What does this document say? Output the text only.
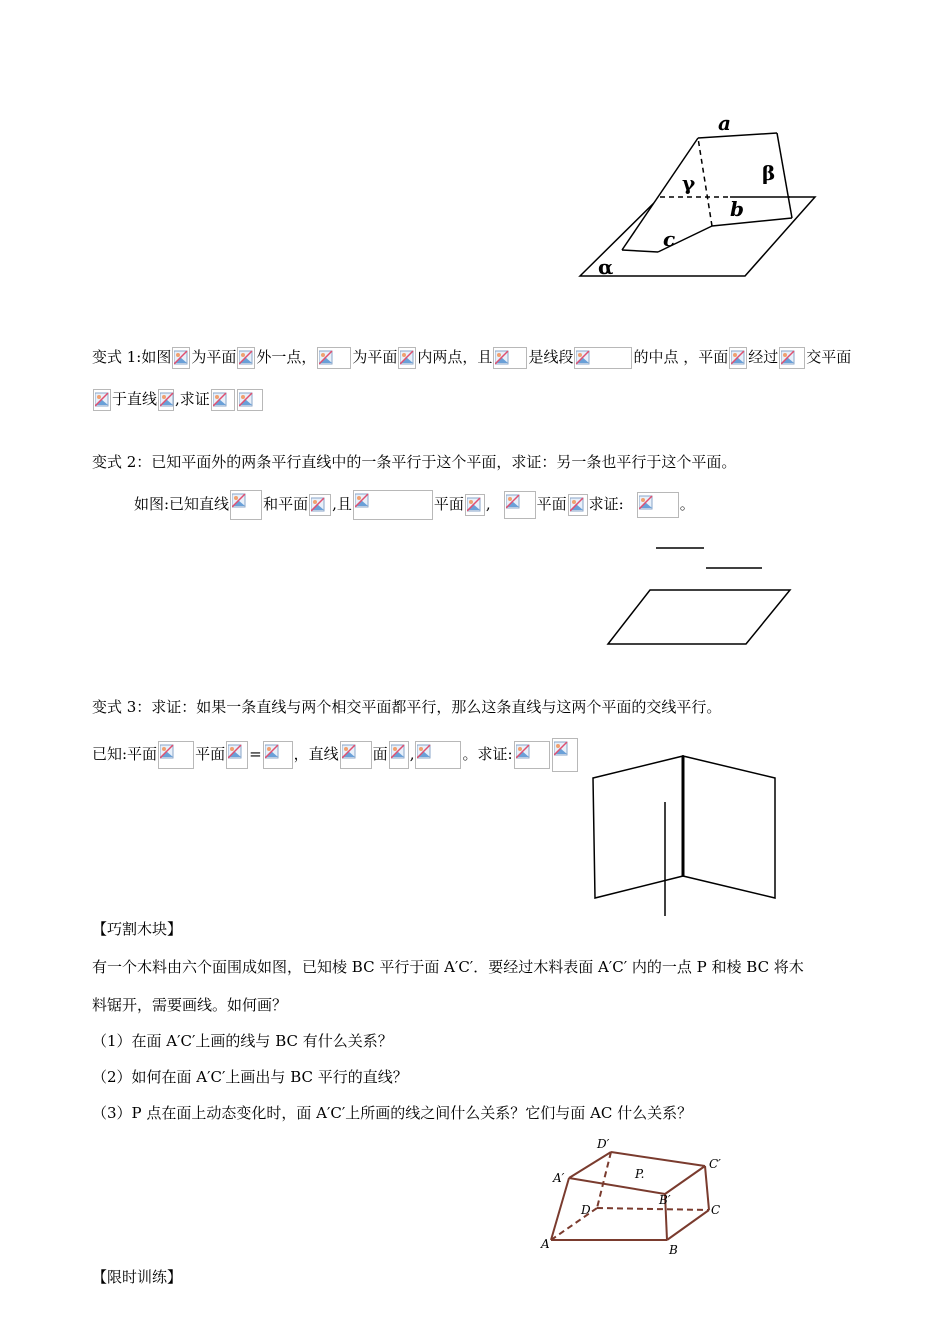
a
β
γ
b
c
α
变式 1:如图 为平面 外一点， 为平面 内两点，且 是线段	的中点 ，平面 经过 交平面
于直线 ,求证
变式 2：已知平面外的两条平行直线中的一条平行于这个平面，求证：另一条也平行于这个平面。
如图:已知直线 和平面 ,且	平面 ,	平面 求证:	。
变式 3：求证：如果一条直线与两个相交平面都平行，那么这条直线与这两个平面的交线平行。
已知:平面	平面 = ，直线 面 ,	。求证:
【巧割木块】
有一个木料由六个面围成如图，已知棱 BC 平行于面 A′C′．要经过木料表面 A′C′ 内的一点 P 和棱 BC 将木
料锯开，需要画线。如何画？
（1）在面 A′C′上画的线与 BC 有什么关系？
（2）如何在面 A′C′上画出与 BC 平行的直线？
（3）P 点在面上动态变化时，面 A′C′上所画的线之间什么关系？它们与面 AC 什么关系？
D′
C′
A′
B′
P.
D	C
A	B
【限时训练】
